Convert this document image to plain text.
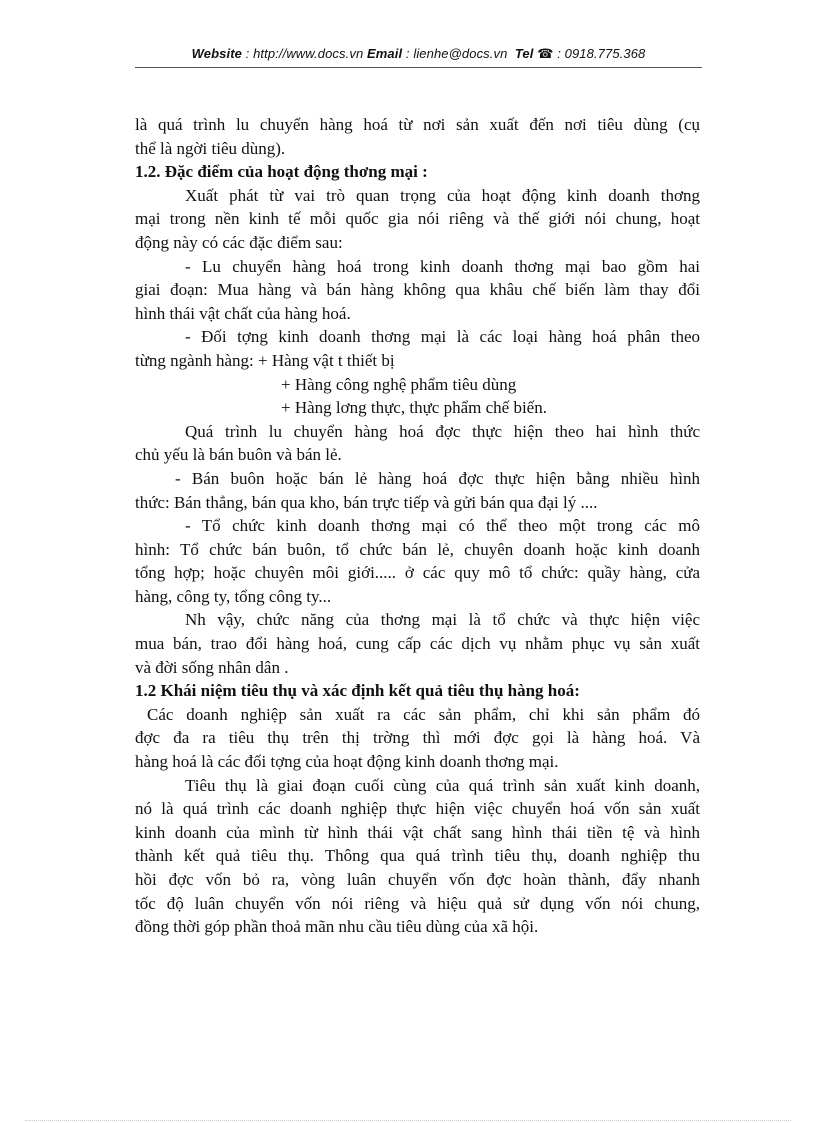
Website : http://www.docs.vn Email : lienhe@docs.vn Tel ☎ : 0918.775.368
là quá trình lu chuyển hàng hoá từ nơi sản xuất đến nơi tiêu dùng (cụ
thể là ngời tiêu dùng).
1.2. Đặc điểm của hoạt động thơng mại :
Xuất phát từ vai trò quan trọng của hoạt động kinh doanh thơng
mại trong nền kinh tế mỗi quốc gia nói riêng và thế giới nói chung, hoạt
động này có các đặc điểm sau:
- Lu chuyển hàng hoá trong kinh doanh thơng mại bao gồm hai
giai đoạn: Mua hàng và bán hàng không qua khâu chế biến làm thay đổi
hình thái vật chất của hàng hoá.
- Đối tợng kinh doanh thơng mại là các loại hàng hoá phân theo
từng ngành hàng: + Hàng vật t thiết bị
+ Hàng công nghệ phẩm tiêu dùng
+ Hàng lơng thực, thực phẩm chế biến.
Quá trình lu chuyển hàng hoá đợc thực hiện theo hai hình thức
chủ yếu là bán buôn và bán lẻ.
- Bán buôn hoặc bán lẻ hàng hoá đợc thực hiện bằng nhiều hình
thức: Bán thẳng, bán qua kho, bán trực tiếp và gửi bán qua đại lý ....
- Tổ chức kinh doanh thơng mại có thể theo một trong các mô
hình: Tổ chức bán buôn, tổ chức bán lẻ, chuyên doanh hoặc kinh doanh
tổng hợp; hoặc chuyên môi giới..... ở các quy mô tổ chức: quầy hàng, cửa
hàng, công ty, tổng công ty...
Nh vậy, chức năng của thơng mại là tổ chức và thực hiện việc
mua bán, trao đổi hàng hoá, cung cấp các dịch vụ nhằm phục vụ sản xuất
và đời sống nhân dân .
1.2 Khái niệm tiêu thụ và xác định kết quả tiêu thụ hàng hoá:
Các doanh nghiệp sản xuất ra các sản phẩm, chỉ khi sản phẩm đó
đợc đa ra tiêu thụ trên thị trờng thì mới đợc gọi là hàng hoá. Và
hàng hoá là các đối tợng của hoạt động kinh doanh thơng mại.
Tiêu thụ là giai đoạn cuối cùng của quá trình sản xuất kinh doanh,
nó là quá trình các doanh nghiệp thực hiện việc chuyển hoá vốn sản xuất
kinh doanh của mình từ hình thái vật chất sang hình thái tiền tệ và hình
thành kết quả tiêu thụ. Thông qua quá trình tiêu thụ, doanh nghiệp thu
hồi đợc vốn bỏ ra, vòng luân chuyển vốn đợc hoàn thành, đẩy nhanh
tốc độ luân chuyển vốn nói riêng và hiệu quả sử dụng vốn nói chung,
đồng thời góp phần thoả mãn nhu cầu tiêu dùng của xã hội.
